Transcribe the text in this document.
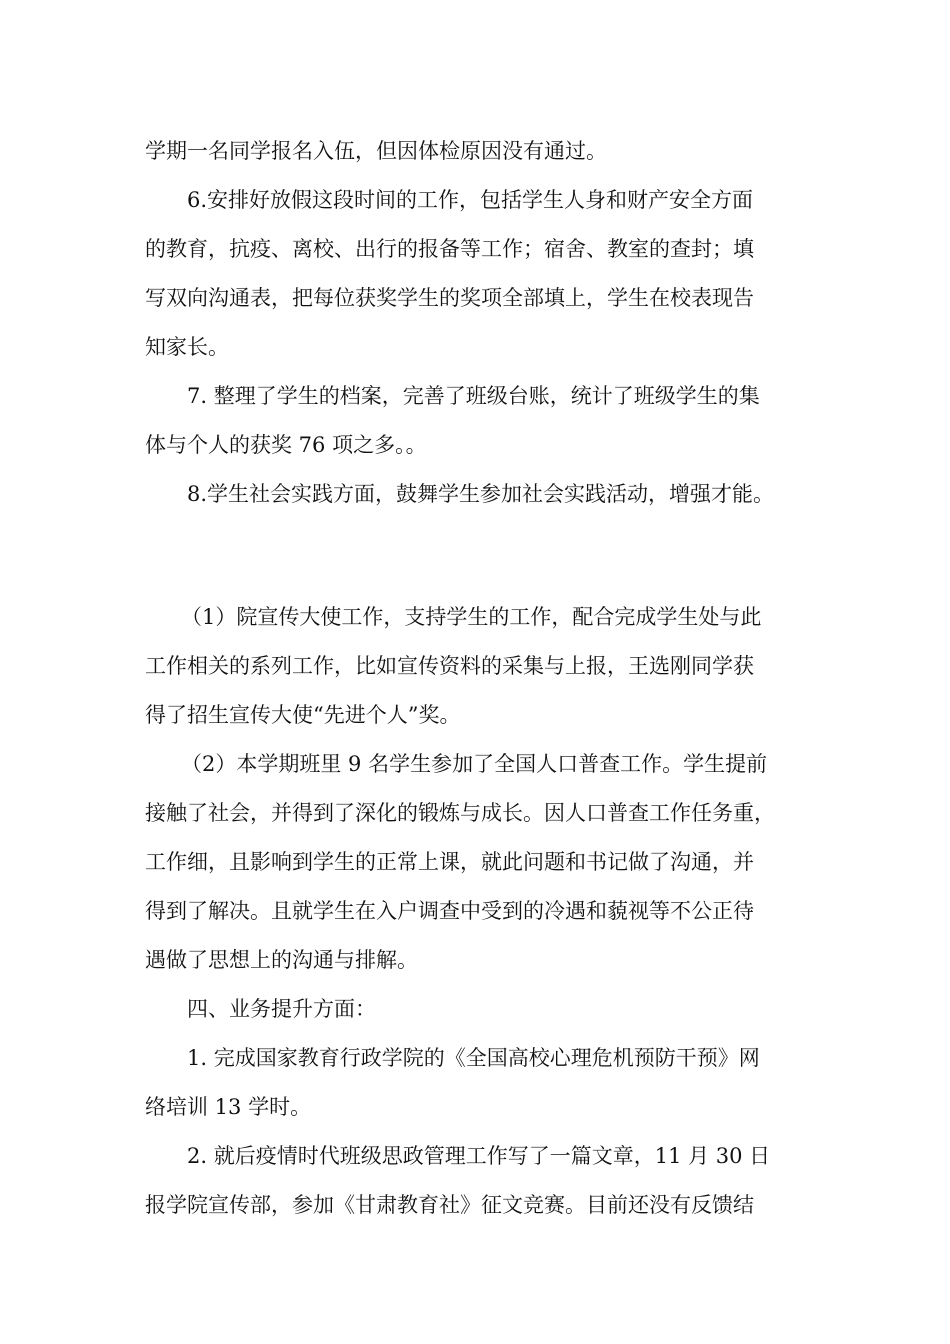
学期一名同学报名入伍，但因体检原因没有通过。
6.安排好放假这段时间的工作，包括学生人身和财产安全方面
的教育，抗疫、离校、出行的报备等工作；宿舍、教室的查封；填
写双向沟通表，把每位获奖学生的奖项全部填上，学生在校表现告
知家长。
7. 整理了学生的档案，完善了班级台账，统计了班级学生的集
体与个人的获奖 76 项之多。。
8.学生社会实践方面，鼓舞学生参加社会实践活动，增强才能。
（1）院宣传大使工作，支持学生的工作，配合完成学生处与此
工作相关的系列工作，比如宣传资料的采集与上报，王选刚同学获
得了招生宣传大使“先进个人”奖。
（2）本学期班里 9 名学生参加了全国人口普查工作。学生提前
接触了社会，并得到了深化的锻炼与成长。因人口普查工作任务重，
工作细，且影响到学生的正常上课，就此问题和书记做了沟通，并
得到了解决。且就学生在入户调查中受到的冷遇和藐视等不公正待
遇做了思想上的沟通与排解。
四、业务提升方面：
1. 完成国家教育行政学院的《全国高校心理危机预防干预》网
络培训 13 学时。
2. 就后疫情时代班级思政管理工作写了一篇文章，11 月 30 日
报学院宣传部，参加《甘肃教育社》征文竞赛。目前还没有反馈结
